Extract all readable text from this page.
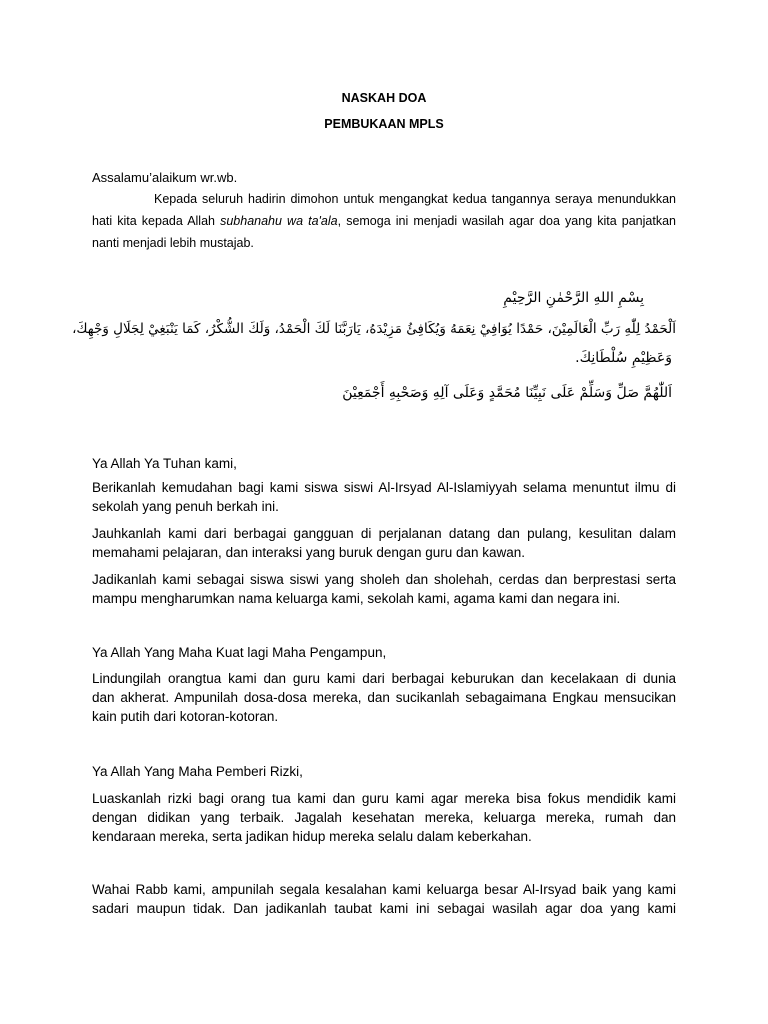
NASKAH DOA
PEMBUKAAN MPLS
Assalamu’alaikum wr.wb.
Kepada seluruh hadirin dimohon untuk mengangkat kedua tangannya seraya menundukkan
hati kita kepada Allah subhanahu wa ta'ala, semoga ini menjadi wasilah agar doa yang kita panjatkan
nanti menjadi lebih mustajab.
بِسْمِ اللهِ الرَّحْمٰنِ الرَّحِيْمِ
اَلْحَمْدُ لِلّٰهِ رَبِّ الْعَالَمِيْنَ، حَمْدًا يُوَافِيْ نِعَمَهُ وَيُكَافِئُ مَزِيْدَهُ، يَارَبَّنَا لَكَ الْحَمْدُ، وَلَكَ الشُّكْرُ، كَمَا يَنْبَغِيْ لِجَلَالِ وَجْهِكَ،
وَعَظِيْمِ سُلْطَانِكَ.
اَللّٰهُمَّ صَلِّ وَسَلِّمْ عَلَى نَبِيِّنَا مُحَمَّدٍ وَعَلَى آلِهِ وَصَحْبِهِ أَجْمَعِيْنَ
Ya Allah Ya Tuhan kami,
Berikanlah kemudahan bagi kami siswa siswi Al-Irsyad Al-Islamiyyah selama menuntut ilmu di
sekolah yang penuh berkah ini.
Jauhkanlah kami dari berbagai gangguan di perjalanan datang dan pulang, kesulitan dalam
memahami pelajaran, dan interaksi yang buruk dengan guru dan kawan.
Jadikanlah kami sebagai siswa siswi yang sholeh dan sholehah, cerdas dan berprestasi serta
mampu mengharumkan nama keluarga kami, sekolah kami, agama kami dan negara ini.
Ya Allah Yang Maha Kuat lagi Maha Pengampun,
Lindungilah orangtua kami dan guru kami dari berbagai keburukan dan kecelakaan di dunia
dan akherat. Ampunilah dosa-dosa mereka, dan sucikanlah sebagaimana Engkau mensucikan
kain putih dari kotoran-kotoran.
Ya Allah Yang Maha Pemberi Rizki,
Luaskanlah rizki bagi orang tua kami dan guru kami agar mereka bisa fokus mendidik kami
dengan didikan yang terbaik. Jagalah kesehatan mereka, keluarga mereka, rumah dan
kendaraan mereka, serta jadikan hidup mereka selalu dalam keberkahan.
Wahai Rabb kami, ampunilah segala kesalahan kami keluarga besar Al-Irsyad baik yang kami
sadari maupun tidak. Dan jadikanlah taubat kami ini sebagai wasilah agar doa yang kami
